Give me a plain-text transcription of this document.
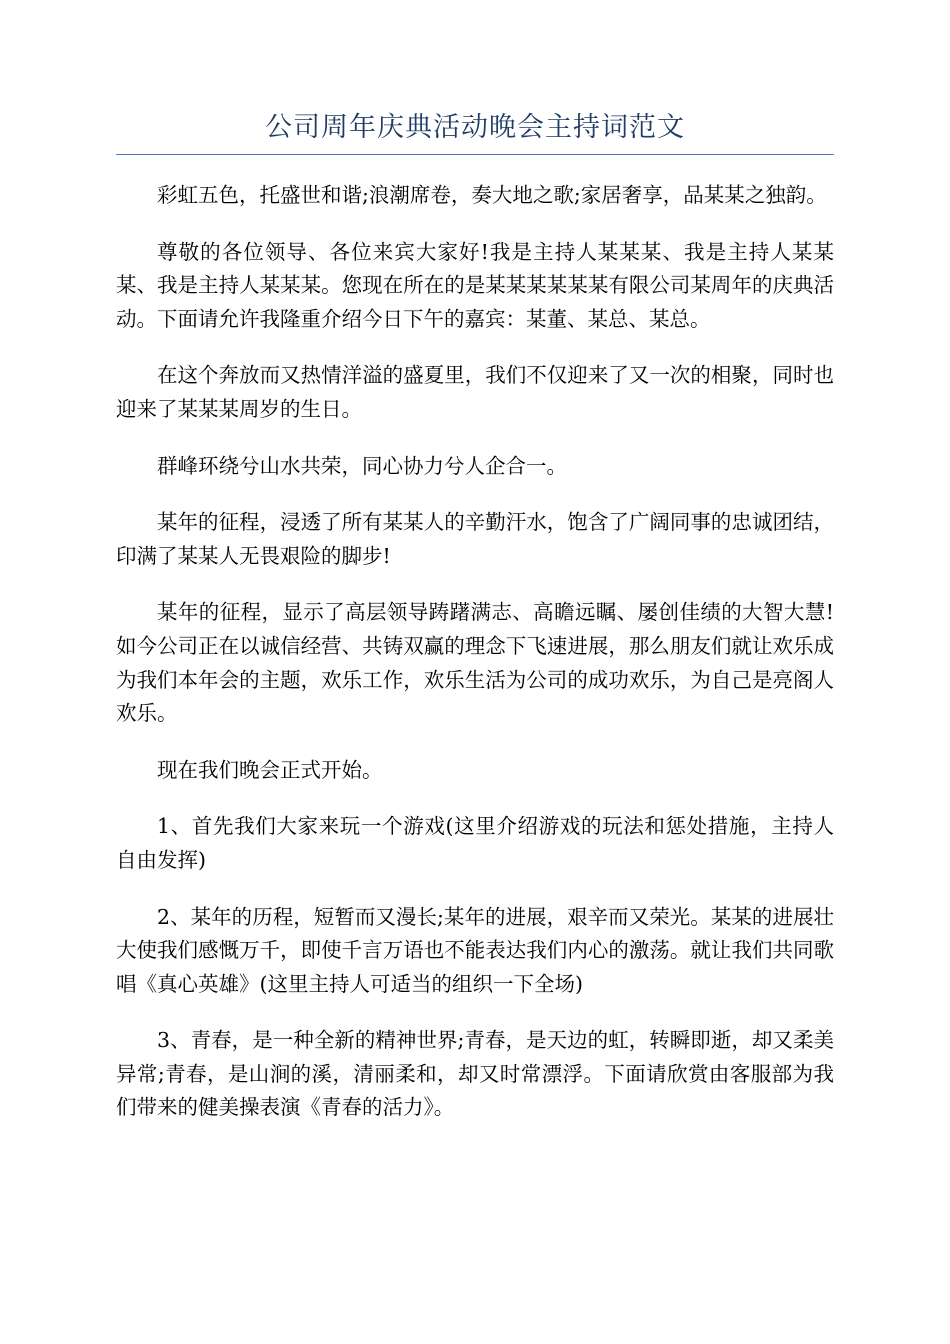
公司周年庆典活动晚会主持词范文

彩虹五色，托盛世和谐;浪潮席卷，奏大地之歌;家居奢享，品某某之独韵。

尊敬的各位领导、各位来宾大家好!我是主持人某某某、我是主持人某某某、我是主持人某某某。您现在所在的是某某某某某某有限公司某周年的庆典活动。下面请允许我隆重介绍今日下午的嘉宾：某董、某总、某总。

在这个奔放而又热情洋溢的盛夏里，我们不仅迎来了又一次的相聚，同时也迎来了某某某周岁的生日。

群峰环绕兮山水共荣，同心协力兮人企合一。

某年的征程，浸透了所有某某人的辛勤汗水，饱含了广阔同事的忠诚团结，印满了某某人无畏艰险的脚步!

某年的征程，显示了高层领导踌躇满志、高瞻远瞩、屡创佳绩的大智大慧!如今公司正在以诚信经营、共铸双赢的理念下飞速进展，那么朋友们就让欢乐成为我们本年会的主题，欢乐工作，欢乐生活为公司的成功欢乐，为自己是亮阁人欢乐。

现在我们晚会正式开始。

1、首先我们大家来玩一个游戏(这里介绍游戏的玩法和惩处措施，主持人自由发挥)

2、某年的历程，短暂而又漫长;某年的进展，艰辛而又荣光。某某的进展壮大使我们感慨万千，即使千言万语也不能表达我们内心的激荡。就让我们共同歌唱《真心英雄》(这里主持人可适当的组织一下全场)

3、青春，是一种全新的精神世界;青春，是天边的虹，转瞬即逝，却又柔美异常;青春，是山涧的溪，清丽柔和，却又时常漂浮。下面请欣赏由客服部为我们带来的健美操表演《青春的活力》。
